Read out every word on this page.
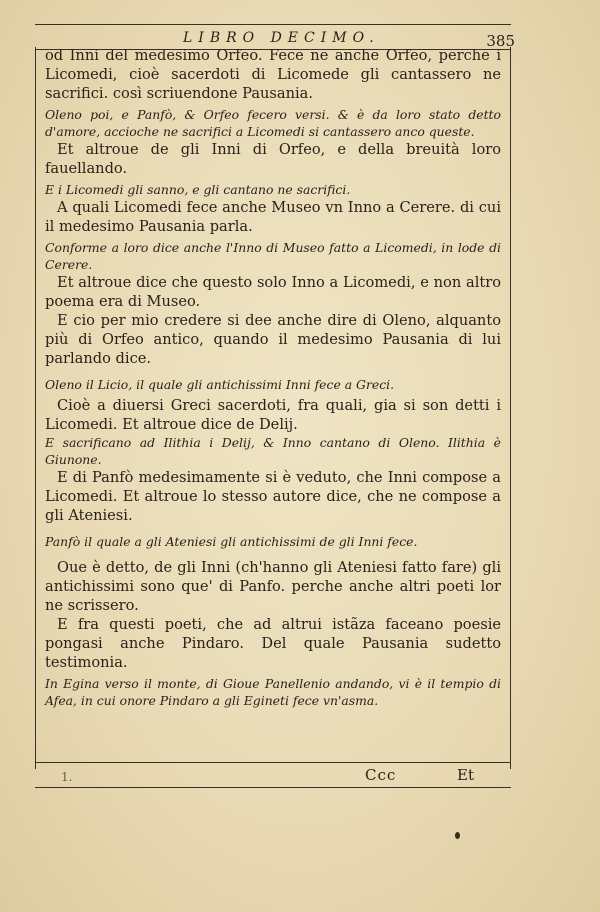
LIBRO DECIMO.	385

od Inni del medesimo Orfeo. Fece ne anche Orfeo, perche i Licomedi, cioè sacerdoti di Licomede gli cantassero ne sacrifici. così scriuendone Pausania.

Oleno poi, e Panfò, & Orfeo fecero versi. & è da loro stato detto d'amore, accioche ne sacrifici a Licomedi si cantassero anco queste.

Et altroue de gli Inni di Orfeo, e della breuità loro fauellando.

E i Licomedi gli sanno, e gli cantano ne sacrifici.

A quali Licomedi fece anche Museo vn Inno a Cerere. di cui il medesimo Pausania parla.

Conforme a loro dice anche l'Inno di Museo fatto a Licomedi, in lode di Cerere.

Et altroue dice che questo solo Inno a Licomedi, e non altro poema era di Museo.

E cio per mio credere si dee anche dire di Oleno, alquanto più di Orfeo antico, quando il medesimo Pausania di lui parlando dice.

Oleno il Licio, il quale gli antichissimi Inni fece a Greci.

Cioè a diuersi Greci sacerdoti, fra quali, gia si son detti i Licomedi. Et altroue dice de Delij.

E sacrificano ad Ilithia i Delij, & Inno cantano di Oleno. Ilithia è Giunone.

E di Panfò medesimamente si è veduto, che Inni compose a Licomedi. Et altroue lo stesso autore dice, che ne compose a gli Ateniesi.

Panfò il quale a gli Ateniesi gli antichissimi de gli Inni fece.

Oue è detto, de gli Inni (ch'hanno gli Ateniesi fatto fare) gli antichissimi sono que' di Panfo. perche anche altri poeti lor ne scrissero.

E fra questi poeti, che ad altrui istãza faceano poesie pongasi anche Pindaro. Del quale Pausania sudetto testimonia.

In Egina verso il monte, di Gioue Panellenio andando, vi è il tempio di Afea, in cui onore Pindaro a gli Egineti fece vn'asma.

1.	Ccc	Et
